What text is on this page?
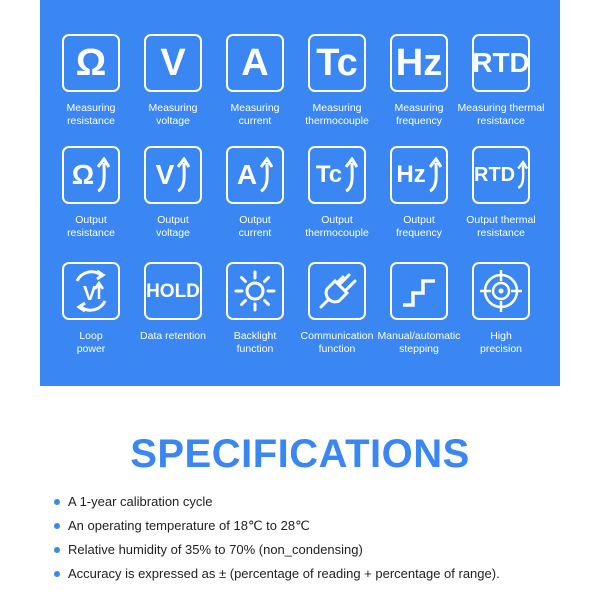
Ω
Measuring
resistance
V
Measuring
voltage
A
Measuring
current
Tc
Measuring
thermocouple
Hz
Measuring
frequency
RTD
Measuring thermal
resistance
Ω
Output
resistance
V
Output
voltage
A
Output
current
Tc
Output
thermocouple
Hz
Output
frequency
RTD
Output thermal
resistance
V
Loop
power
HOLD
Data retention	Backlight
function
Communication
function
Manual/automatic
stepping
High
precision
SPECIFICATIONS
A 1-year calibration cycle
An operating temperature of 18℃ to 28℃
Relative humidity of 35% to 70% (non_condensing)
Accuracy is expressed as ± (percentage of reading + percentage of range).
